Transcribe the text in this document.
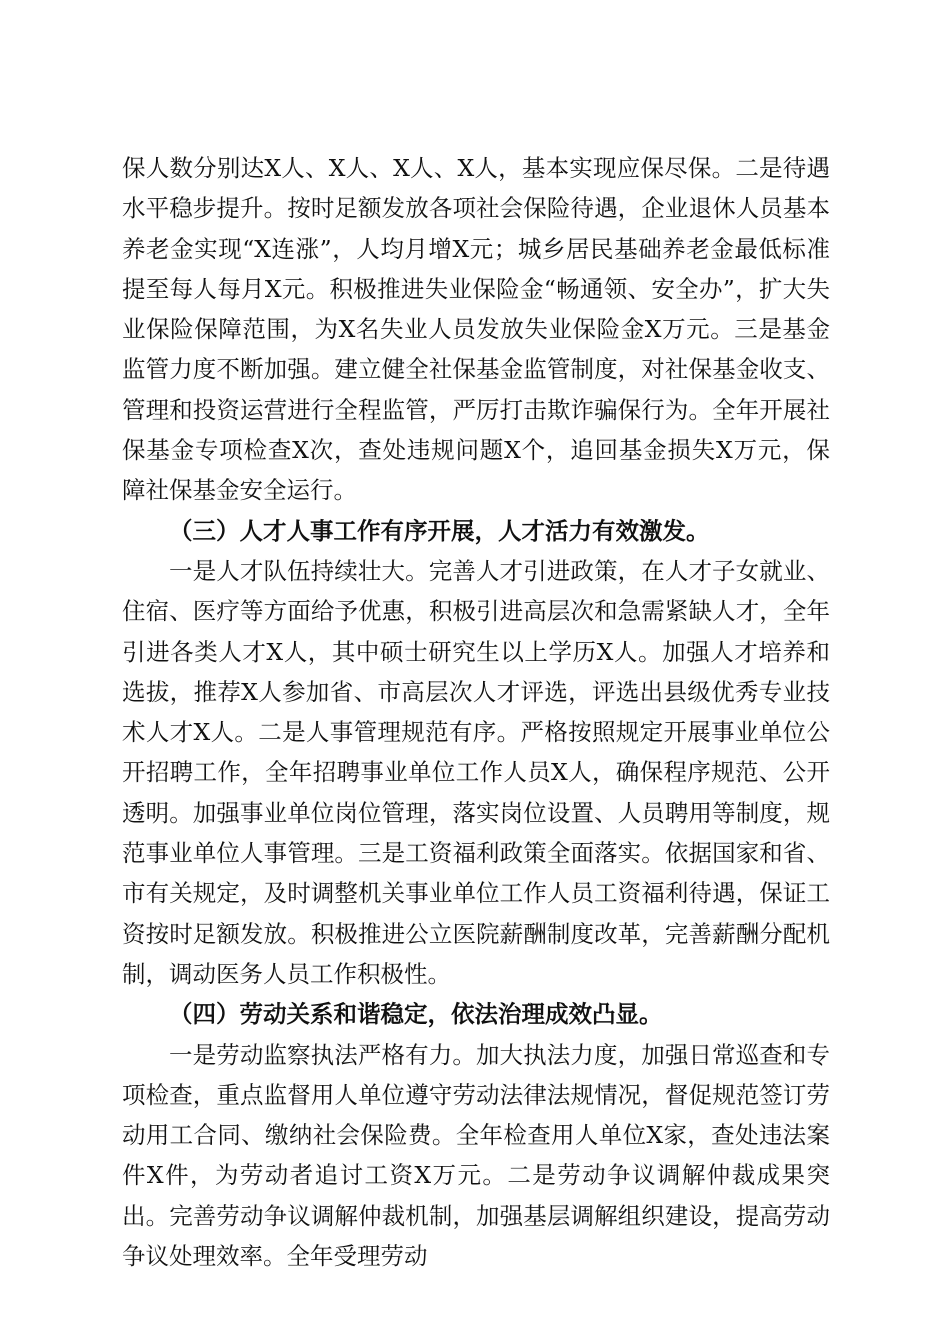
保人数分别达X人、X人、X人、X人，基本实现应保尽保。二是待遇水平稳步提升。按时足额发放各项社会保险待遇，企业退休人员基本养老金实现“X连涨”，人均月增X元；城乡居民基础养老金最低标准提至每人每月X元。积极推进失业保险金“畅通领、安全办”，扩大失业保险保障范围，为X名失业人员发放失业保险金X万元。三是基金监管力度不断加强。建立健全社保基金监管制度，对社保基金收支、管理和投资运营进行全程监管，严厉打击欺诈骗保行为。全年开展社保基金专项检查X次，查处违规问题X个，追回基金损失X万元，保障社保基金安全运行。

（三）人才人事工作有序开展，人才活力有效激发。

一是人才队伍持续壮大。完善人才引进政策，在人才子女就业、住宿、医疗等方面给予优惠，积极引进高层次和急需紧缺人才，全年引进各类人才X人，其中硕士研究生以上学历X人。加强人才培养和选拔，推荐X人参加省、市高层次人才评选，评选出县级优秀专业技术人才X人。二是人事管理规范有序。严格按照规定开展事业单位公开招聘工作，全年招聘事业单位工作人员X人，确保程序规范、公开透明。加强事业单位岗位管理，落实岗位设置、人员聘用等制度，规范事业单位人事管理。三是工资福利政策全面落实。依据国家和省、市有关规定，及时调整机关事业单位工作人员工资福利待遇，保证工资按时足额发放。积极推进公立医院薪酬制度改革，完善薪酬分配机制，调动医务人员工作积极性。

（四）劳动关系和谐稳定，依法治理成效凸显。

一是劳动监察执法严格有力。加大执法力度，加强日常巡查和专项检查，重点监督用人单位遵守劳动法律法规情况，督促规范签订劳动用工合同、缴纳社会保险费。全年检查用人单位X家，查处违法案件X件，为劳动者追讨工资X万元。二是劳动争议调解仲裁成果突出。完善劳动争议调解仲裁机制，加强基层调解组织建设，提高劳动争议处理效率。全年受理劳动
